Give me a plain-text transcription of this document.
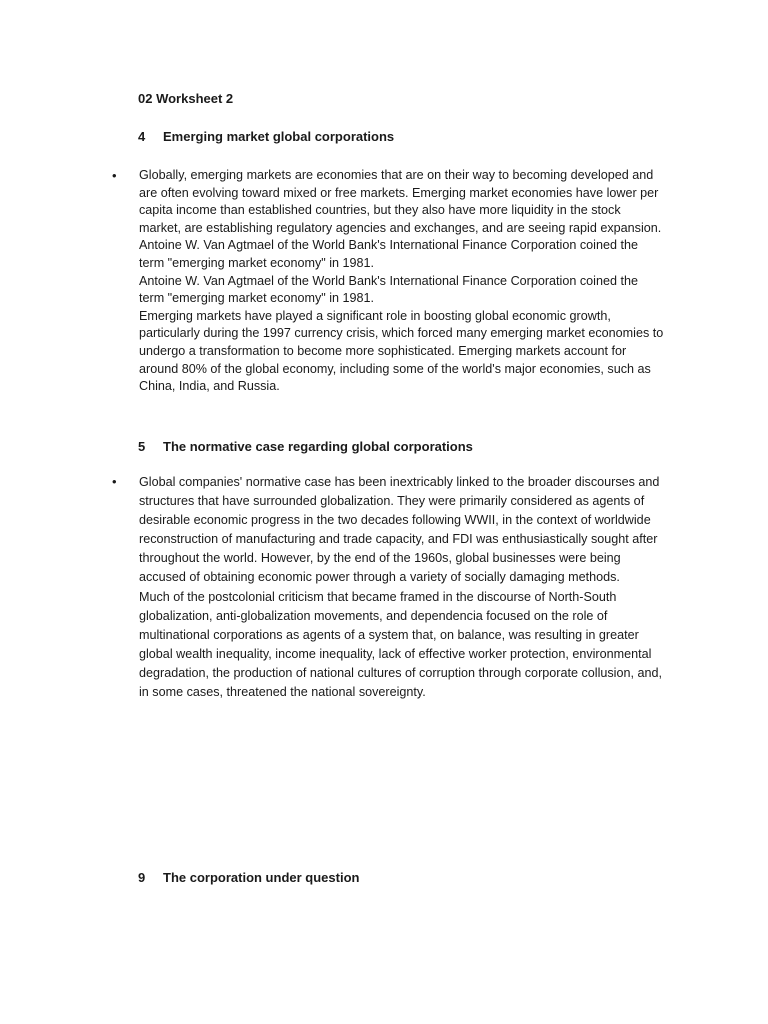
02 Worksheet 2
4 Emerging market global corporations
• Globally, emerging markets are economies that are on their way to becoming developed and are often evolving toward mixed or free markets. Emerging market economies have lower per capita income than established countries, but they also have more liquidity in the stock market, are establishing regulatory agencies and exchanges, and are seeing rapid expansion. Antoine W. Van Agtmael of the World Bank's International Finance Corporation coined the term "emerging market economy" in 1981.

Antoine W. Van Agtmael of the World Bank's International Finance Corporation coined the term "emerging market economy" in 1981.

Emerging markets have played a significant role in boosting global economic growth, particularly during the 1997 currency crisis, which forced many emerging market economies to undergo a transformation to become more sophisticated. Emerging markets account for around 80% of the global economy, including some of the world's major economies, such as China, India, and Russia.

5 The normative case regarding global corporations
• Global companies' normative case has been inextricably linked to the broader discourses and structures that have surrounded globalization. They were primarily considered as agents of desirable economic progress in the two decades following WWII, in the context of worldwide reconstruction of manufacturing and trade capacity, and FDI was enthusiastically sought after throughout the world. However, by the end of the 1960s, global businesses were being accused of obtaining economic power through a variety of socially damaging methods.

Much of the postcolonial criticism that became framed in the discourse of North-South globalization, anti-globalization movements, and dependencia focused on the role of multinational corporations as agents of a system that, on balance, was resulting in greater global wealth inequality, income inequality, lack of effective worker protection, environmental degradation, the production of national cultures of corruption through corporate collusion, and, in some cases, threatened the national sovereignty.

9 The corporation under question
